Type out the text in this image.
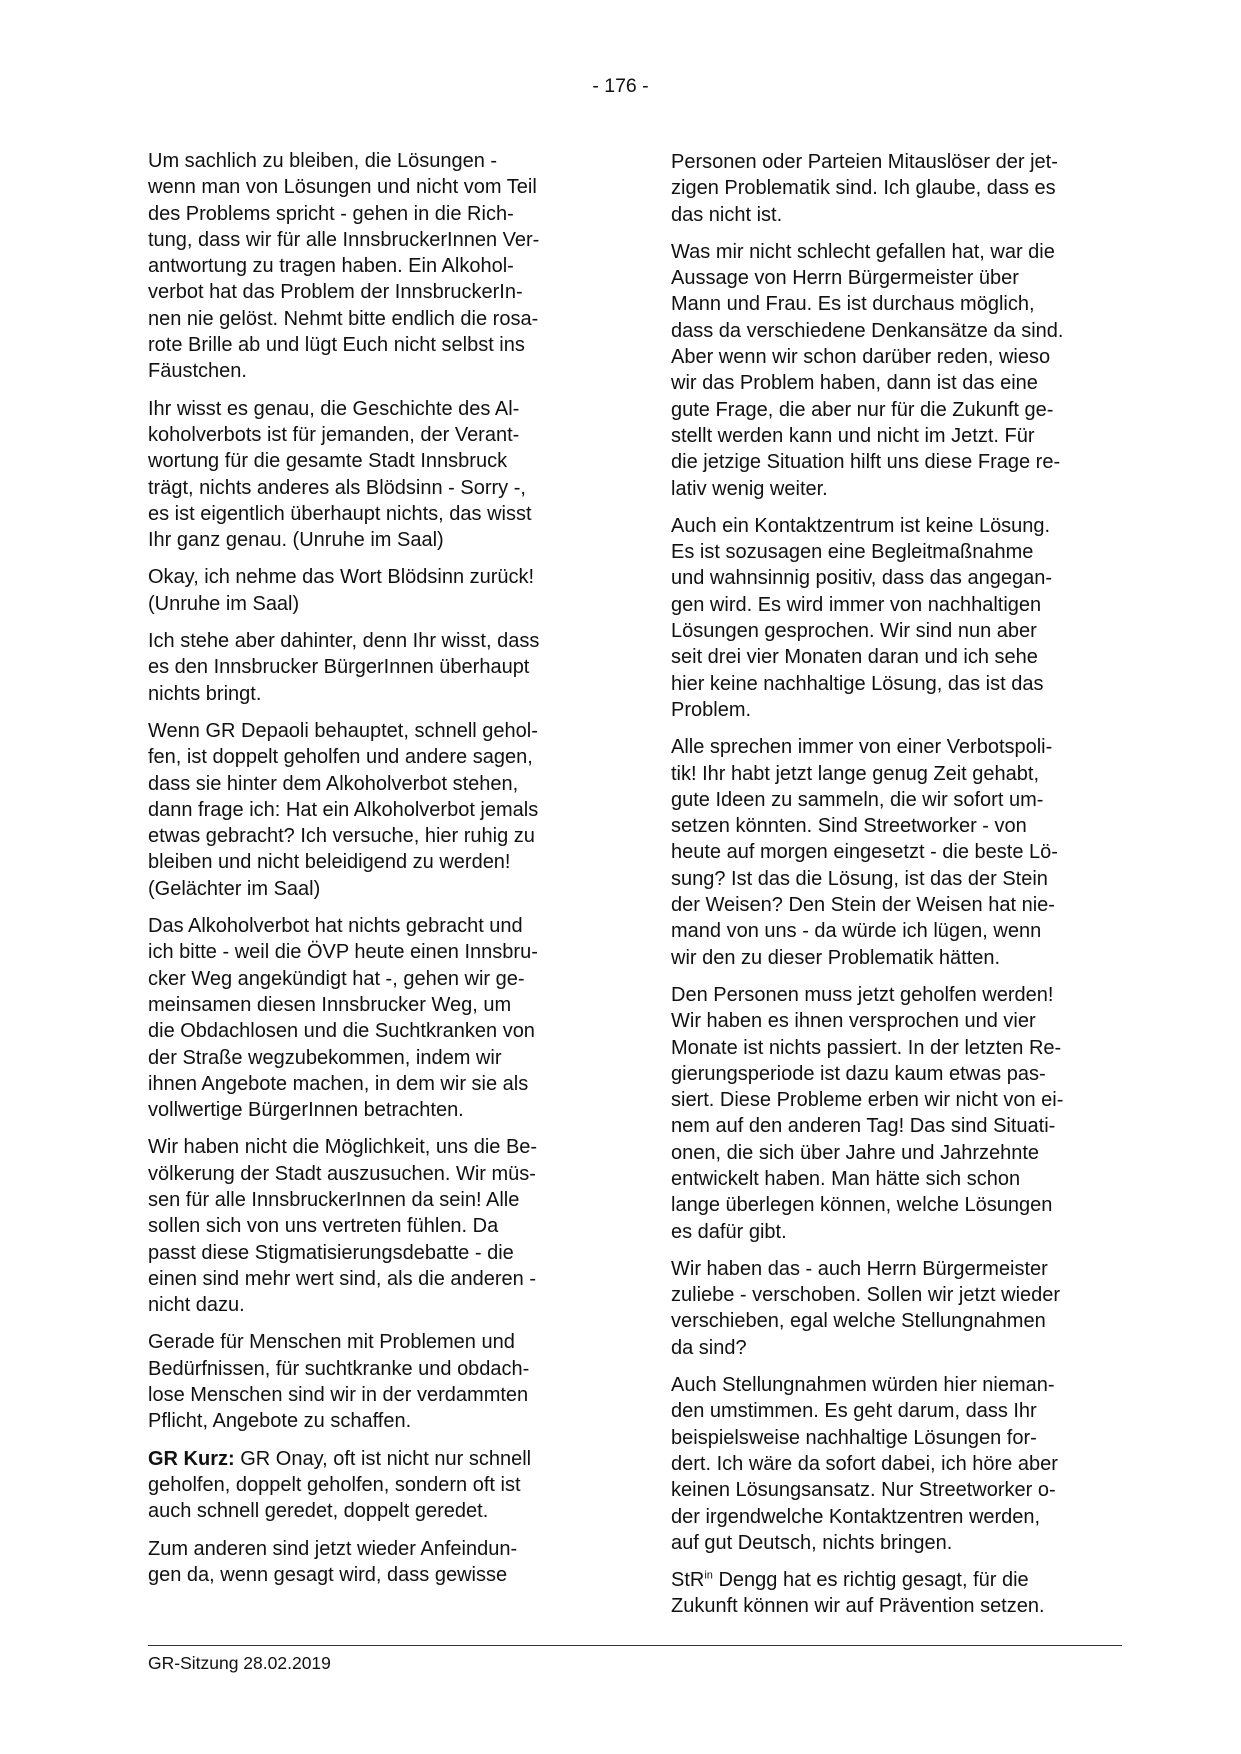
- 176 -

Um sachlich zu bleiben, die Lösungen -
wenn man von Lösungen und nicht vom Teil
des Problems spricht - gehen in die Rich-
tung, dass wir für alle InnsbruckerInnen Ver-
antwortung zu tragen haben. Ein Alkohol-
verbot hat das Problem der InnsbruckerIn-
nen nie gelöst. Nehmt bitte endlich die rosa-
rote Brille ab und lügt Euch nicht selbst ins
Fäustchen.

Ihr wisst es genau, die Geschichte des Al-
koholverbots ist für jemanden, der Verant-
wortung für die gesamte Stadt Innsbruck
trägt, nichts anderes als Blödsinn - Sorry -,
es ist eigentlich überhaupt nichts, das wisst
Ihr ganz genau. (Unruhe im Saal)

Okay, ich nehme das Wort Blödsinn zurück!
(Unruhe im Saal)

Ich stehe aber dahinter, denn Ihr wisst, dass
es den Innsbrucker BürgerInnen überhaupt
nichts bringt.

Wenn GR Depaoli behauptet, schnell gehol-
fen, ist doppelt geholfen und andere sagen,
dass sie hinter dem Alkoholverbot stehen,
dann frage ich: Hat ein Alkoholverbot jemals
etwas gebracht? Ich versuche, hier ruhig zu
bleiben und nicht beleidigend zu werden!
(Gelächter im Saal)

Das Alkoholverbot hat nichts gebracht und
ich bitte - weil die ÖVP heute einen Innsbru-
cker Weg angekündigt hat -, gehen wir ge-
meinsamen diesen Innsbrucker Weg, um
die Obdachlosen und die Suchtkranken von
der Straße wegzubekommen, indem wir
ihnen Angebote machen, in dem wir sie als
vollwertige BürgerInnen betrachten.

Wir haben nicht die Möglichkeit, uns die Be-
völkerung der Stadt auszusuchen. Wir müs-
sen für alle InnsbruckerInnen da sein! Alle
sollen sich von uns vertreten fühlen. Da
passt diese Stigmatisierungsdebatte - die
einen sind mehr wert sind, als die anderen -
nicht dazu.

Gerade für Menschen mit Problemen und
Bedürfnissen, für suchtkranke und obdach-
lose Menschen sind wir in der verdammten
Pflicht, Angebote zu schaffen.

GR Kurz: GR Onay, oft ist nicht nur schnell
geholfen, doppelt geholfen, sondern oft ist
auch schnell geredet, doppelt geredet.

Zum anderen sind jetzt wieder Anfeindun-
gen da, wenn gesagt wird, dass gewisse

Personen oder Parteien Mitauslöser der jet-
zigen Problematik sind. Ich glaube, dass es
das nicht ist.

Was mir nicht schlecht gefallen hat, war die
Aussage von Herrn Bürgermeister über
Mann und Frau. Es ist durchaus möglich,
dass da verschiedene Denkansätze da sind.
Aber wenn wir schon darüber reden, wieso
wir das Problem haben, dann ist das eine
gute Frage, die aber nur für die Zukunft ge-
stellt werden kann und nicht im Jetzt. Für
die jetzige Situation hilft uns diese Frage re-
lativ wenig weiter.

Auch ein Kontaktzentrum ist keine Lösung.
Es ist sozusagen eine Begleitmaßnahme
und wahnsinnig positiv, dass das angegan-
gen wird. Es wird immer von nachhaltigen
Lösungen gesprochen. Wir sind nun aber
seit drei vier Monaten daran und ich sehe
hier keine nachhaltige Lösung, das ist das
Problem.

Alle sprechen immer von einer Verbotspoli-
tik! Ihr habt jetzt lange genug Zeit gehabt,
gute Ideen zu sammeln, die wir sofort um-
setzen könnten. Sind Streetworker - von
heute auf morgen eingesetzt - die beste Lö-
sung? Ist das die Lösung, ist das der Stein
der Weisen? Den Stein der Weisen hat nie-
mand von uns - da würde ich lügen, wenn
wir den zu dieser Problematik hätten.

Den Personen muss jetzt geholfen werden!
Wir haben es ihnen versprochen und vier
Monate ist nichts passiert. In der letzten Re-
gierungsperiode ist dazu kaum etwas pas-
siert. Diese Probleme erben wir nicht von ei-
nem auf den anderen Tag! Das sind Situati-
onen, die sich über Jahre und Jahrzehnte
entwickelt haben. Man hätte sich schon
lange überlegen können, welche Lösungen
es dafür gibt.

Wir haben das - auch Herrn Bürgermeister
zuliebe - verschoben. Sollen wir jetzt wieder
verschieben, egal welche Stellungnahmen
da sind?

Auch Stellungnahmen würden hier nieman-
den umstimmen. Es geht darum, dass Ihr
beispielsweise nachhaltige Lösungen for-
dert. Ich wäre da sofort dabei, ich höre aber
keinen Lösungsansatz. Nur Streetworker o-
der irgendwelche Kontaktzentren werden,
auf gut Deutsch, nichts bringen.

StR$^{in}$ Dengg hat es richtig gesagt, für die
Zukunft können wir auf Prävention setzen.

GR-Sitzung 28.02.2019
